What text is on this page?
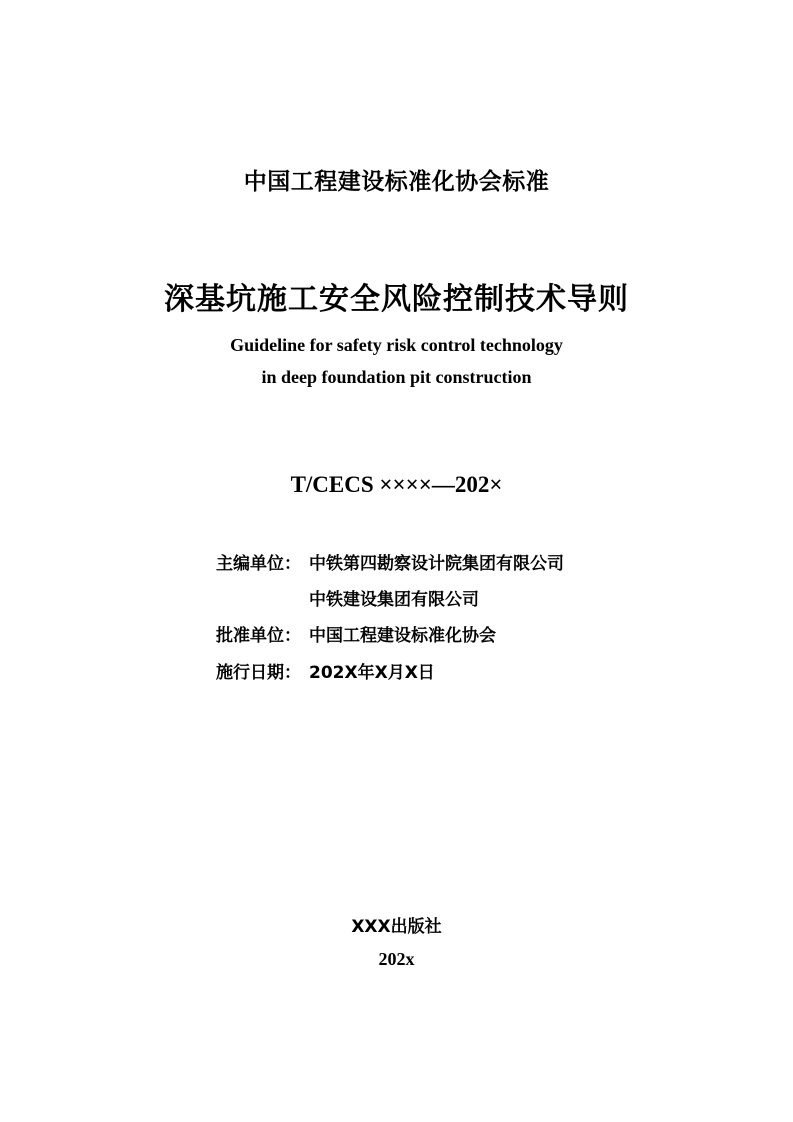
中国工程建设标准化协会标准
深基坑施工安全风险控制技术导则
Guideline for safety risk control technology
in deep foundation pit construction
T/CECS ××××—202×
主编单位： 中铁第四勘察设计院集团有限公司
中铁建设集团有限公司
批准单位： 中国工程建设标准化协会
施行日期： 202X年X月X日
XXX出版社
202x
